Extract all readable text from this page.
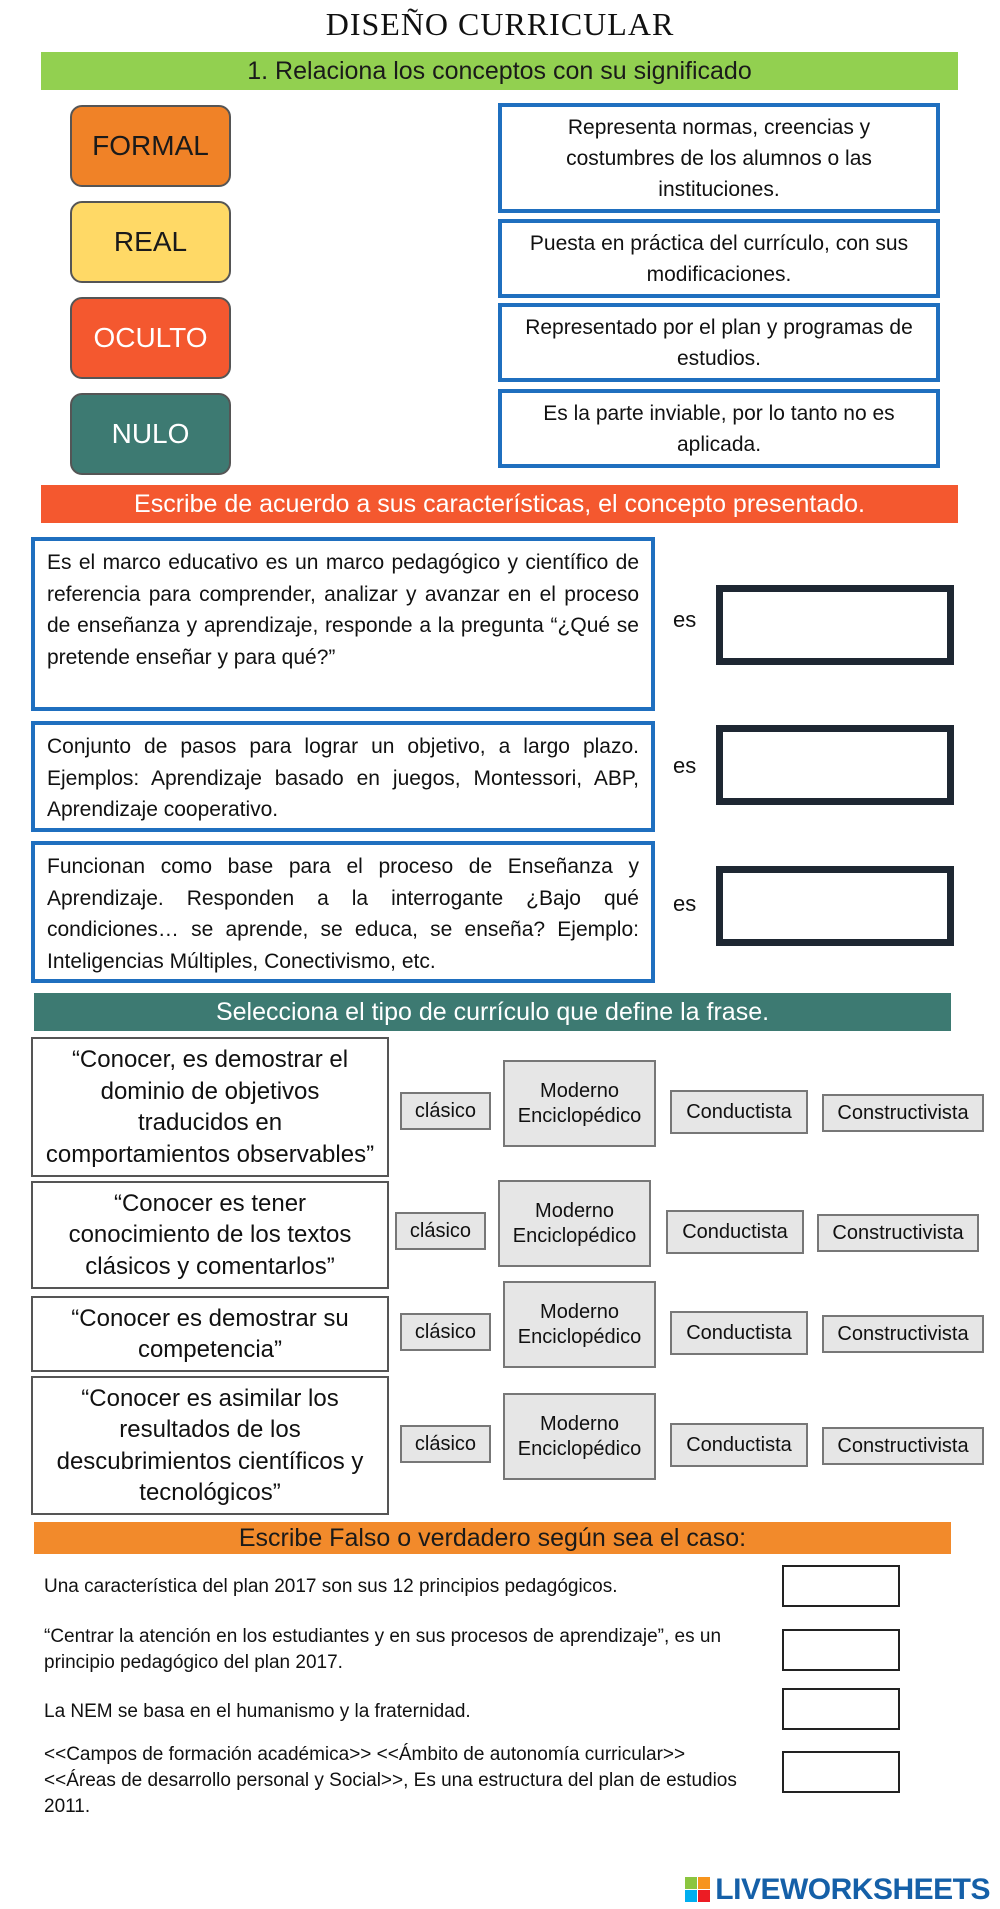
DISEÑO CURRICULAR
1. Relaciona los conceptos con su significado
FORMAL
REAL
OCULTO
NULO
Representa normas, creencias y costumbres de los alumnos o las instituciones.
Puesta en práctica del currículo, con sus modificaciones.
Representado por el plan y programas de estudios.
Es la parte inviable, por lo tanto no es aplicada.
Escribe de acuerdo a sus características, el concepto presentado.
Es el marco educativo es un marco pedagógico y científico de referencia para comprender, analizar y avanzar en el proceso de enseñanza y aprendizaje, responde a la pregunta “¿Qué se pretende enseñar y para qué?”
es
Conjunto de pasos para lograr un objetivo, a largo plazo. Ejemplos: Aprendizaje basado en juegos, Montessori, ABP, Aprendizaje cooperativo.
es
Funcionan como base para el proceso de Enseñanza y Aprendizaje. Responden a la interrogante ¿Bajo qué condiciones… se aprende, se educa, se enseña? Ejemplo: Inteligencias Múltiples, Conectivismo, etc.
es
Selecciona el tipo de currículo que define la frase.
“Conocer, es demostrar el dominio de objetivos traducidos en comportamientos observables”
clásico
Moderno Enciclopédico	Conductista	Constructivista
“Conocer es tener conocimiento de los textos clásicos y comentarlos”
clásico
Moderno Enciclopédico	Conductista	Constructivista
“Conocer es demostrar su competencia”
clásico
Moderno Enciclopédico	Conductista	Constructivista
“Conocer es asimilar los resultados de los descubrimientos científicos y tecnológicos”
clásico
Moderno Enciclopédico	Conductista	Constructivista
Escribe Falso o verdadero según sea el caso:
Una característica del plan 2017 son sus 12 principios pedagógicos.
“Centrar la atención en los estudiantes y en sus procesos de aprendizaje”, es un principio pedagógico del plan 2017.
La NEM se basa en el humanismo y la fraternidad.
<<Campos de formación académica>> <<Ámbito de autonomía curricular>> <<Áreas de desarrollo personal y Social>>, Es una estructura del plan de estudios 2011.
LIVEWORKSHEETS
